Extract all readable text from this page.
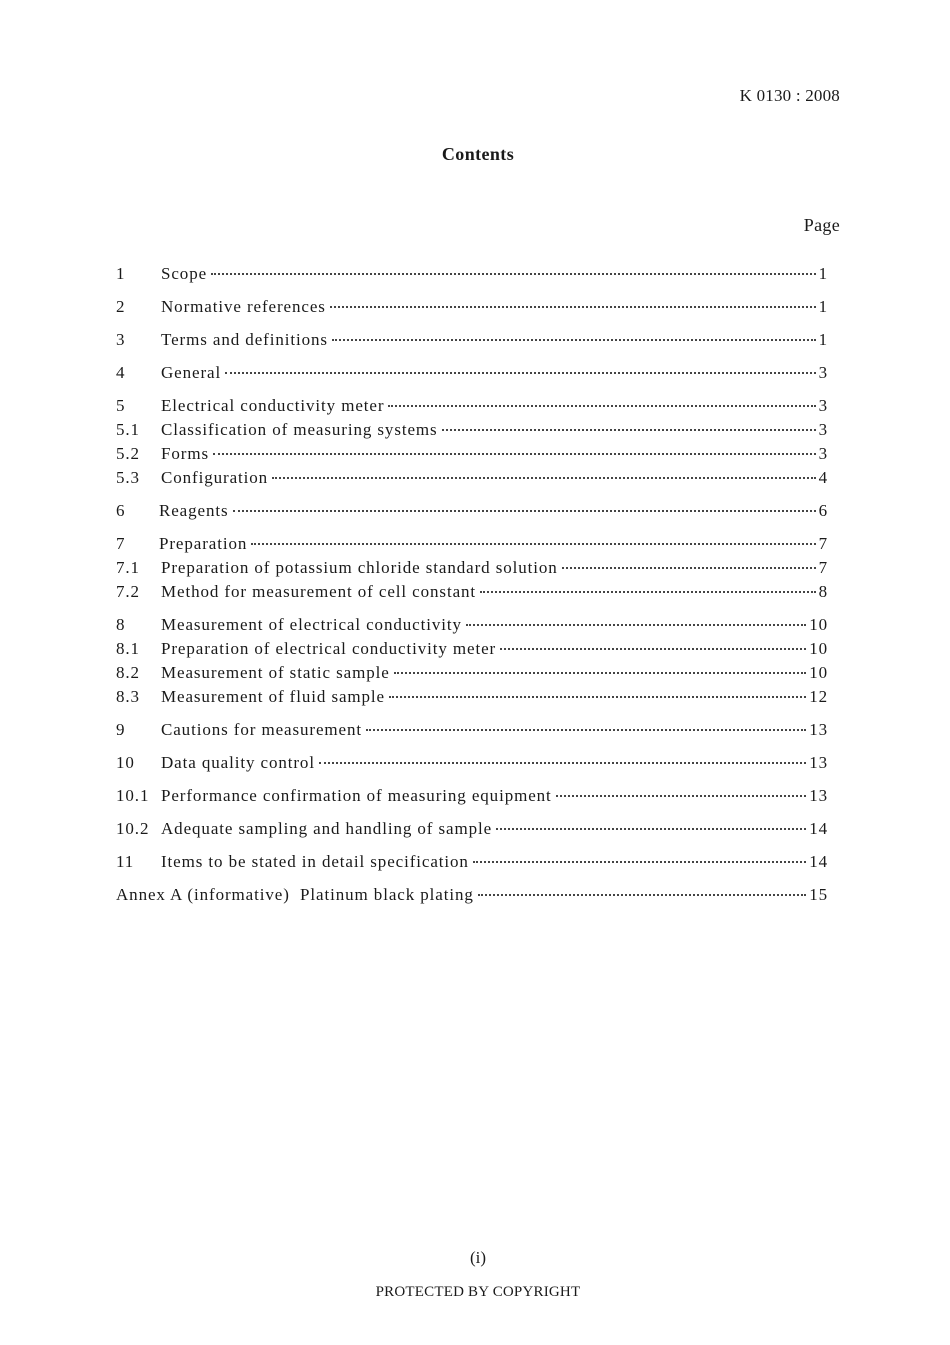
K 0130 : 2008
Contents
Page
1	Scope	1
2	Normative references	1
3	Terms and definitions	1
4	General	3
5	Electrical conductivity meter	3
5.1	Classification of measuring systems	3
5.2	Forms	3
5.3	Configuration	4
6	Reagents	6
7	Preparation	7
7.1	Preparation of potassium chloride standard solution	7
7.2	Method for measurement of cell constant	8
8	Measurement of electrical conductivity	10
8.1	Preparation of electrical conductivity meter	10
8.2	Measurement of static sample	10
8.3	Measurement of fluid sample	12
9	Cautions for measurement	13
10	Data quality control	13
10.1 Performance confirmation of measuring equipment	13
10.2 Adequate sampling and handling of sample	14
11	Items to be stated in detail specification	14
Annex A (informative)  Platinum black plating	15
(i)
PROTECTED BY COPYRIGHT
